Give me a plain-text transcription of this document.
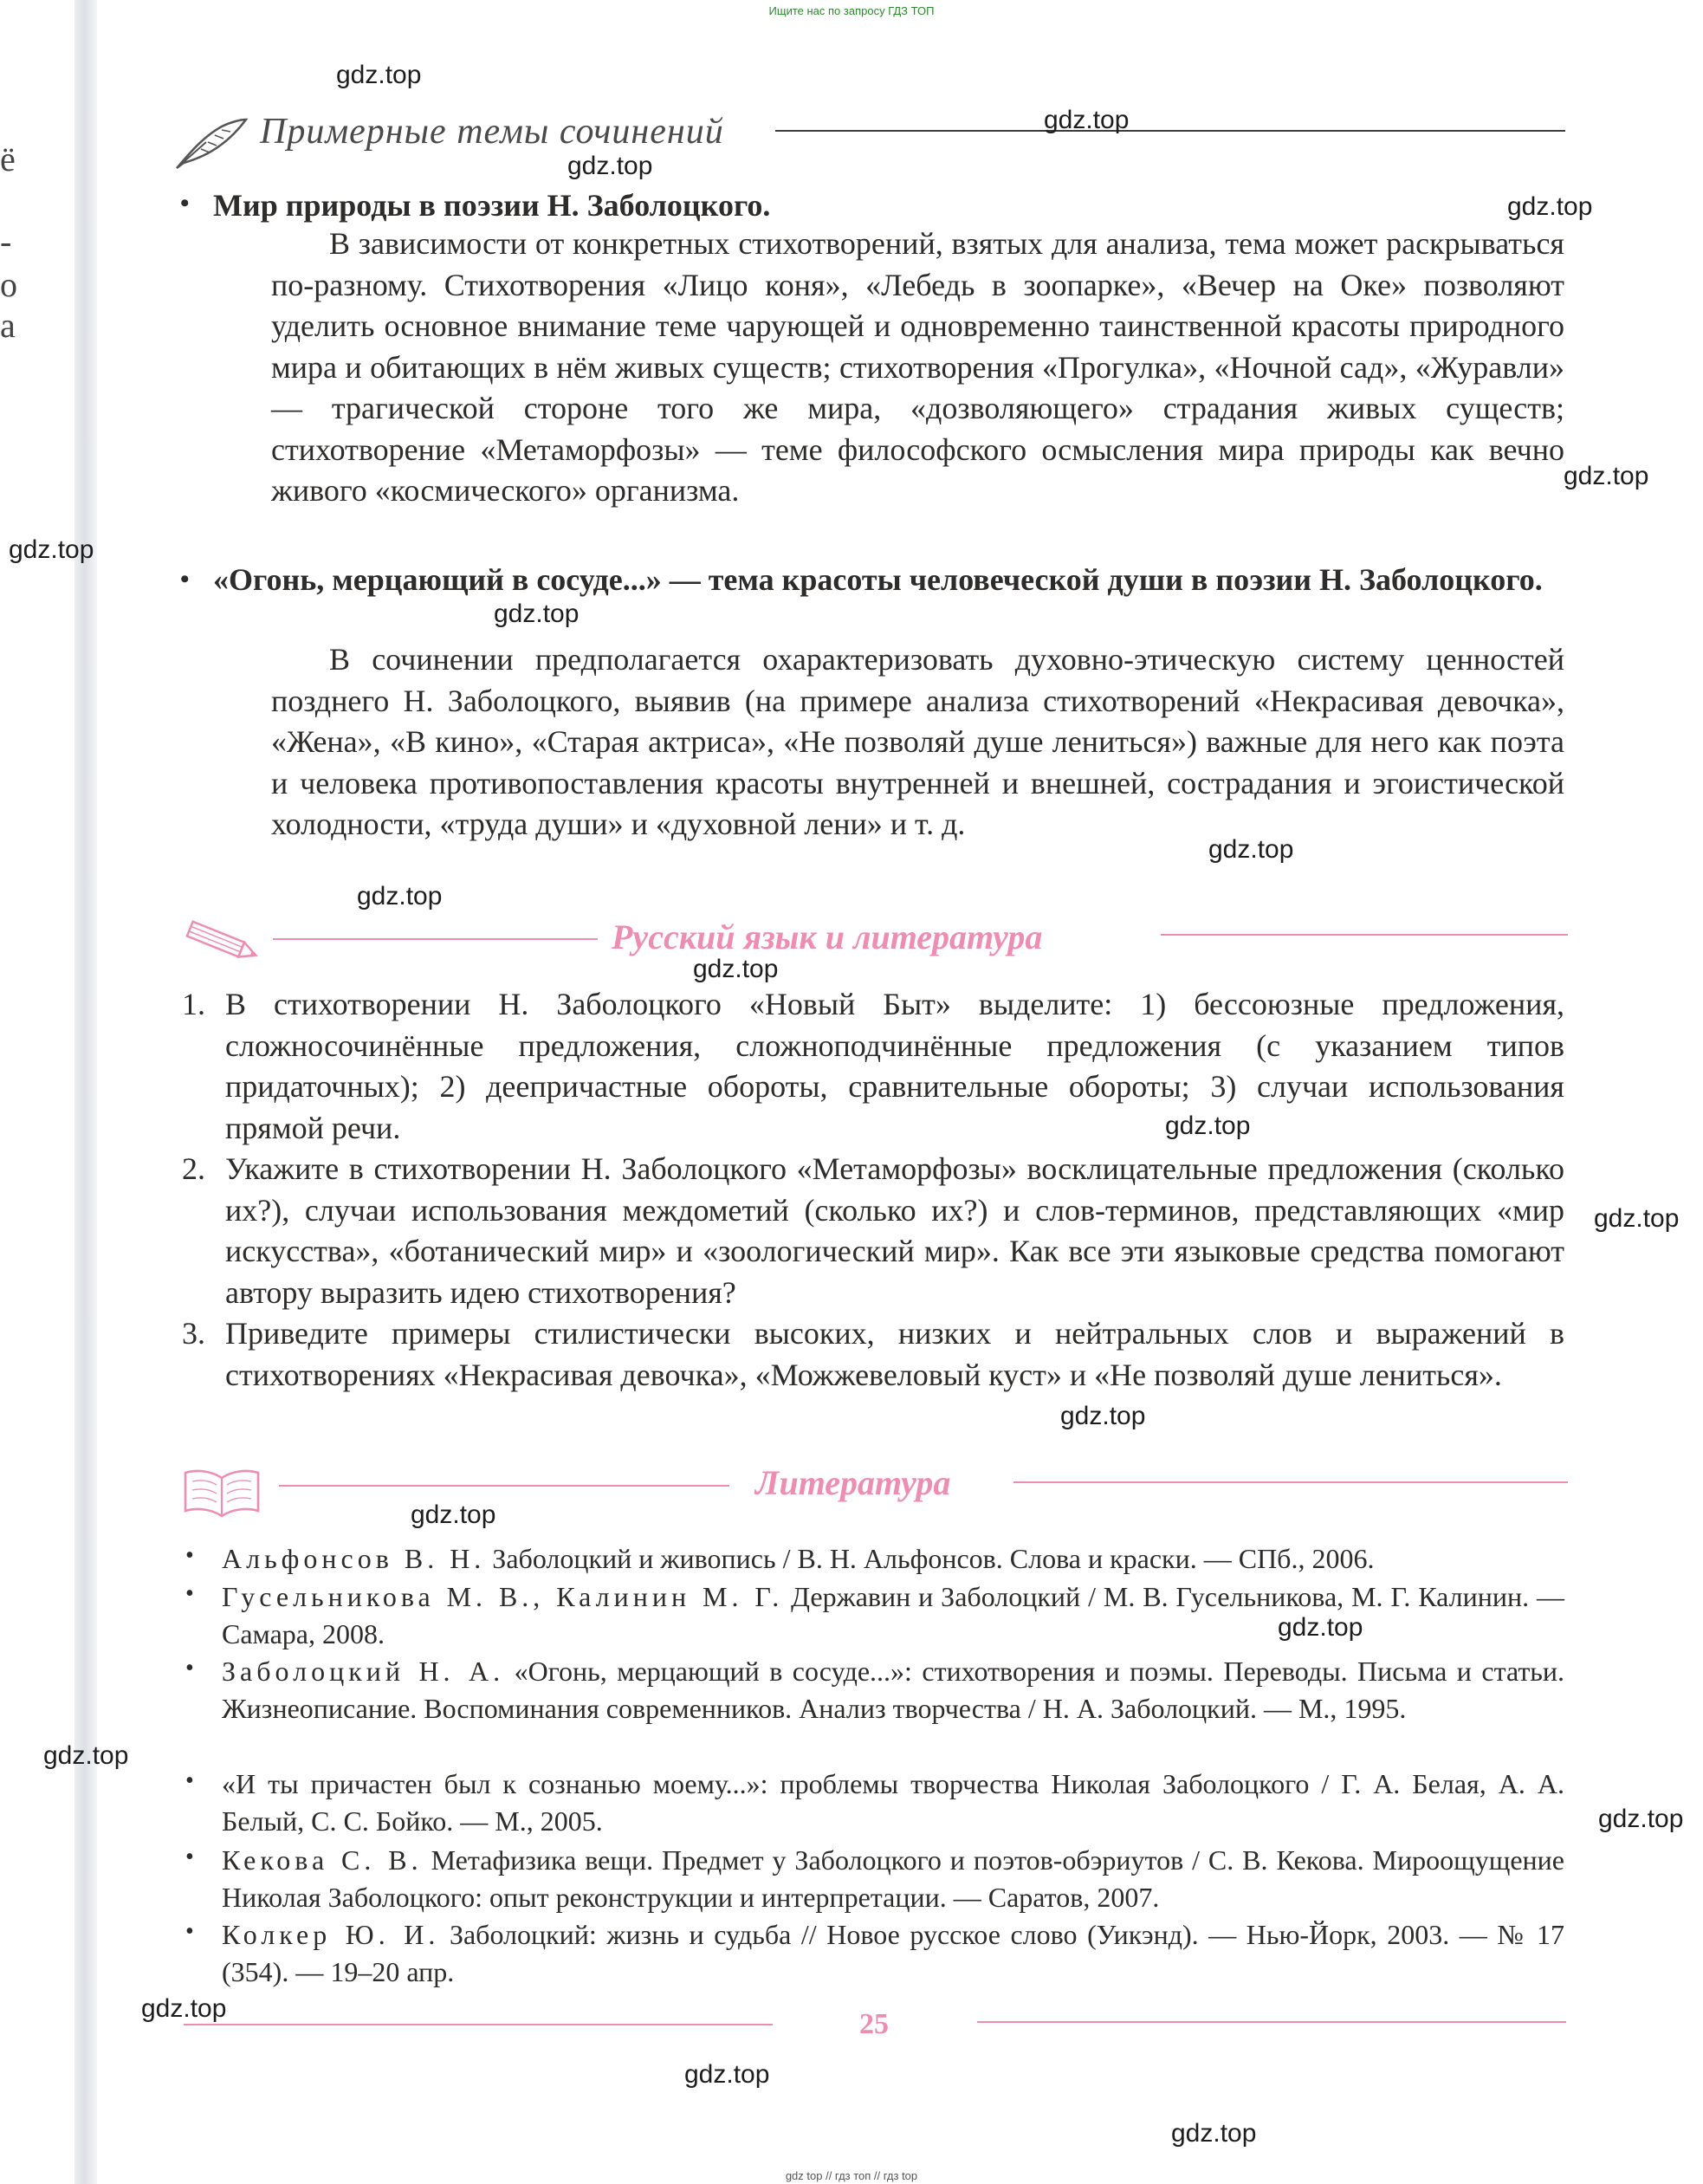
Ищите нас по запросу ГДЗ ТОП
gdz top // гдз топ // гдз top
ё
-
о
а
Примерные темы сочинений
• Мир природы в поэзии Н. Заболоцкого.

В зависимости от конкретных стихотворений, взятых для анализа, тема может раскрываться по-разному. Стихотворения «Лицо коня», «Лебедь в зоопарке», «Вечер на Оке» позволяют уделить основное внимание теме чарующей и одновременно таинственной красоты природного мира и обитающих в нём живых существ; стихотворения «Прогулка», «Ночной сад», «Журавли» — трагической стороне того же мира, «дозволяющего» страдания живых существ; стихотворение «Метаморфозы» — теме философского осмысления мира природы как вечно живого «космического» организма.

• «Огонь, мерцающий в сосуде...» — тема красоты человеческой души в поэзии Н. Заболоцкого.

В сочинении предполагается охарактеризовать духовно-этическую систему ценностей позднего Н. Заболоцкого, выявив (на примере анализа стихотворений «Некрасивая девочка», «Жена», «В кино», «Старая актриса», «Не позволяй душе лениться») важные для него как поэта и человека противопоставления красоты внутренней и внешней, сострадания и эгоистической холодности, «труда души» и «духовной лени» и т. д.

Русский язык и литература
1. В стихотворении Н. Заболоцкого «Новый Быт» выделите: 1) бессоюзные предложения, сложносочинённые предложения, сложноподчинённые предложения (с указанием типов придаточных); 2) деепричастные обороты, сравнительные обороты; 3) случаи использования прямой речи.
2. Укажите в стихотворении Н. Заболоцкого «Метаморфозы» восклицательные предложения (сколько их?), случаи использования междометий (сколько их?) и слов-терминов, представляющих «мир искусства», «ботанический мир» и «зоологический мир». Как все эти языковые средства помогают автору выразить идею стихотворения?
3. Приведите примеры стилистически высоких, низких и нейтральных слов и выражений в стихотворениях «Некрасивая девочка», «Можжевеловый куст» и «Не позволяй душе лениться».
Литература
• Альфонсов В. Н. Заболоцкий и живопись / В. Н. Альфонсов. Слова и краски. — СПб., 2006.
• Гусельникова М. В., Калинин М. Г. Державин и Заболоцкий / М. В. Гусельникова, М. Г. Калинин. — Самара, 2008.
• Заболоцкий Н. А. «Огонь, мерцающий в сосуде...»: стихотворения и поэмы. Переводы. Письма и статьи. Жизнеописание. Воспоминания современников. Анализ творчества / Н. А. Заболоцкий. — М., 1995.
• «И ты причастен был к сознанью моему...»: проблемы творчества Николая Заболоцкого / Г. А. Белая, А. А. Белый, С. С. Бойко. — М., 2005.
• Кекова С. В. Метафизика вещи. Предмет у Заболоцкого и поэтов-обэриутов / С. В. Кекова. Мироощущение Николая Заболоцкого: опыт реконструкции и интерпретации. — Саратов, 2007.
• Колкер Ю. И. Заболоцкий: жизнь и судьба // Новое русское слово (Уикэнд). — Нью-Йорк, 2003. — № 17 (354). — 19–20 апр.
25
gdz.top
gdz.top
gdz.top
gdz.top
gdz.top
gdz.top
gdz.top
gdz.top
gdz.top
gdz.top
gdz.top
gdz.top
gdz.top
gdz.top
gdz.top
gdz.top
gdz.top
gdz.top
gdz.top
gdz.top
